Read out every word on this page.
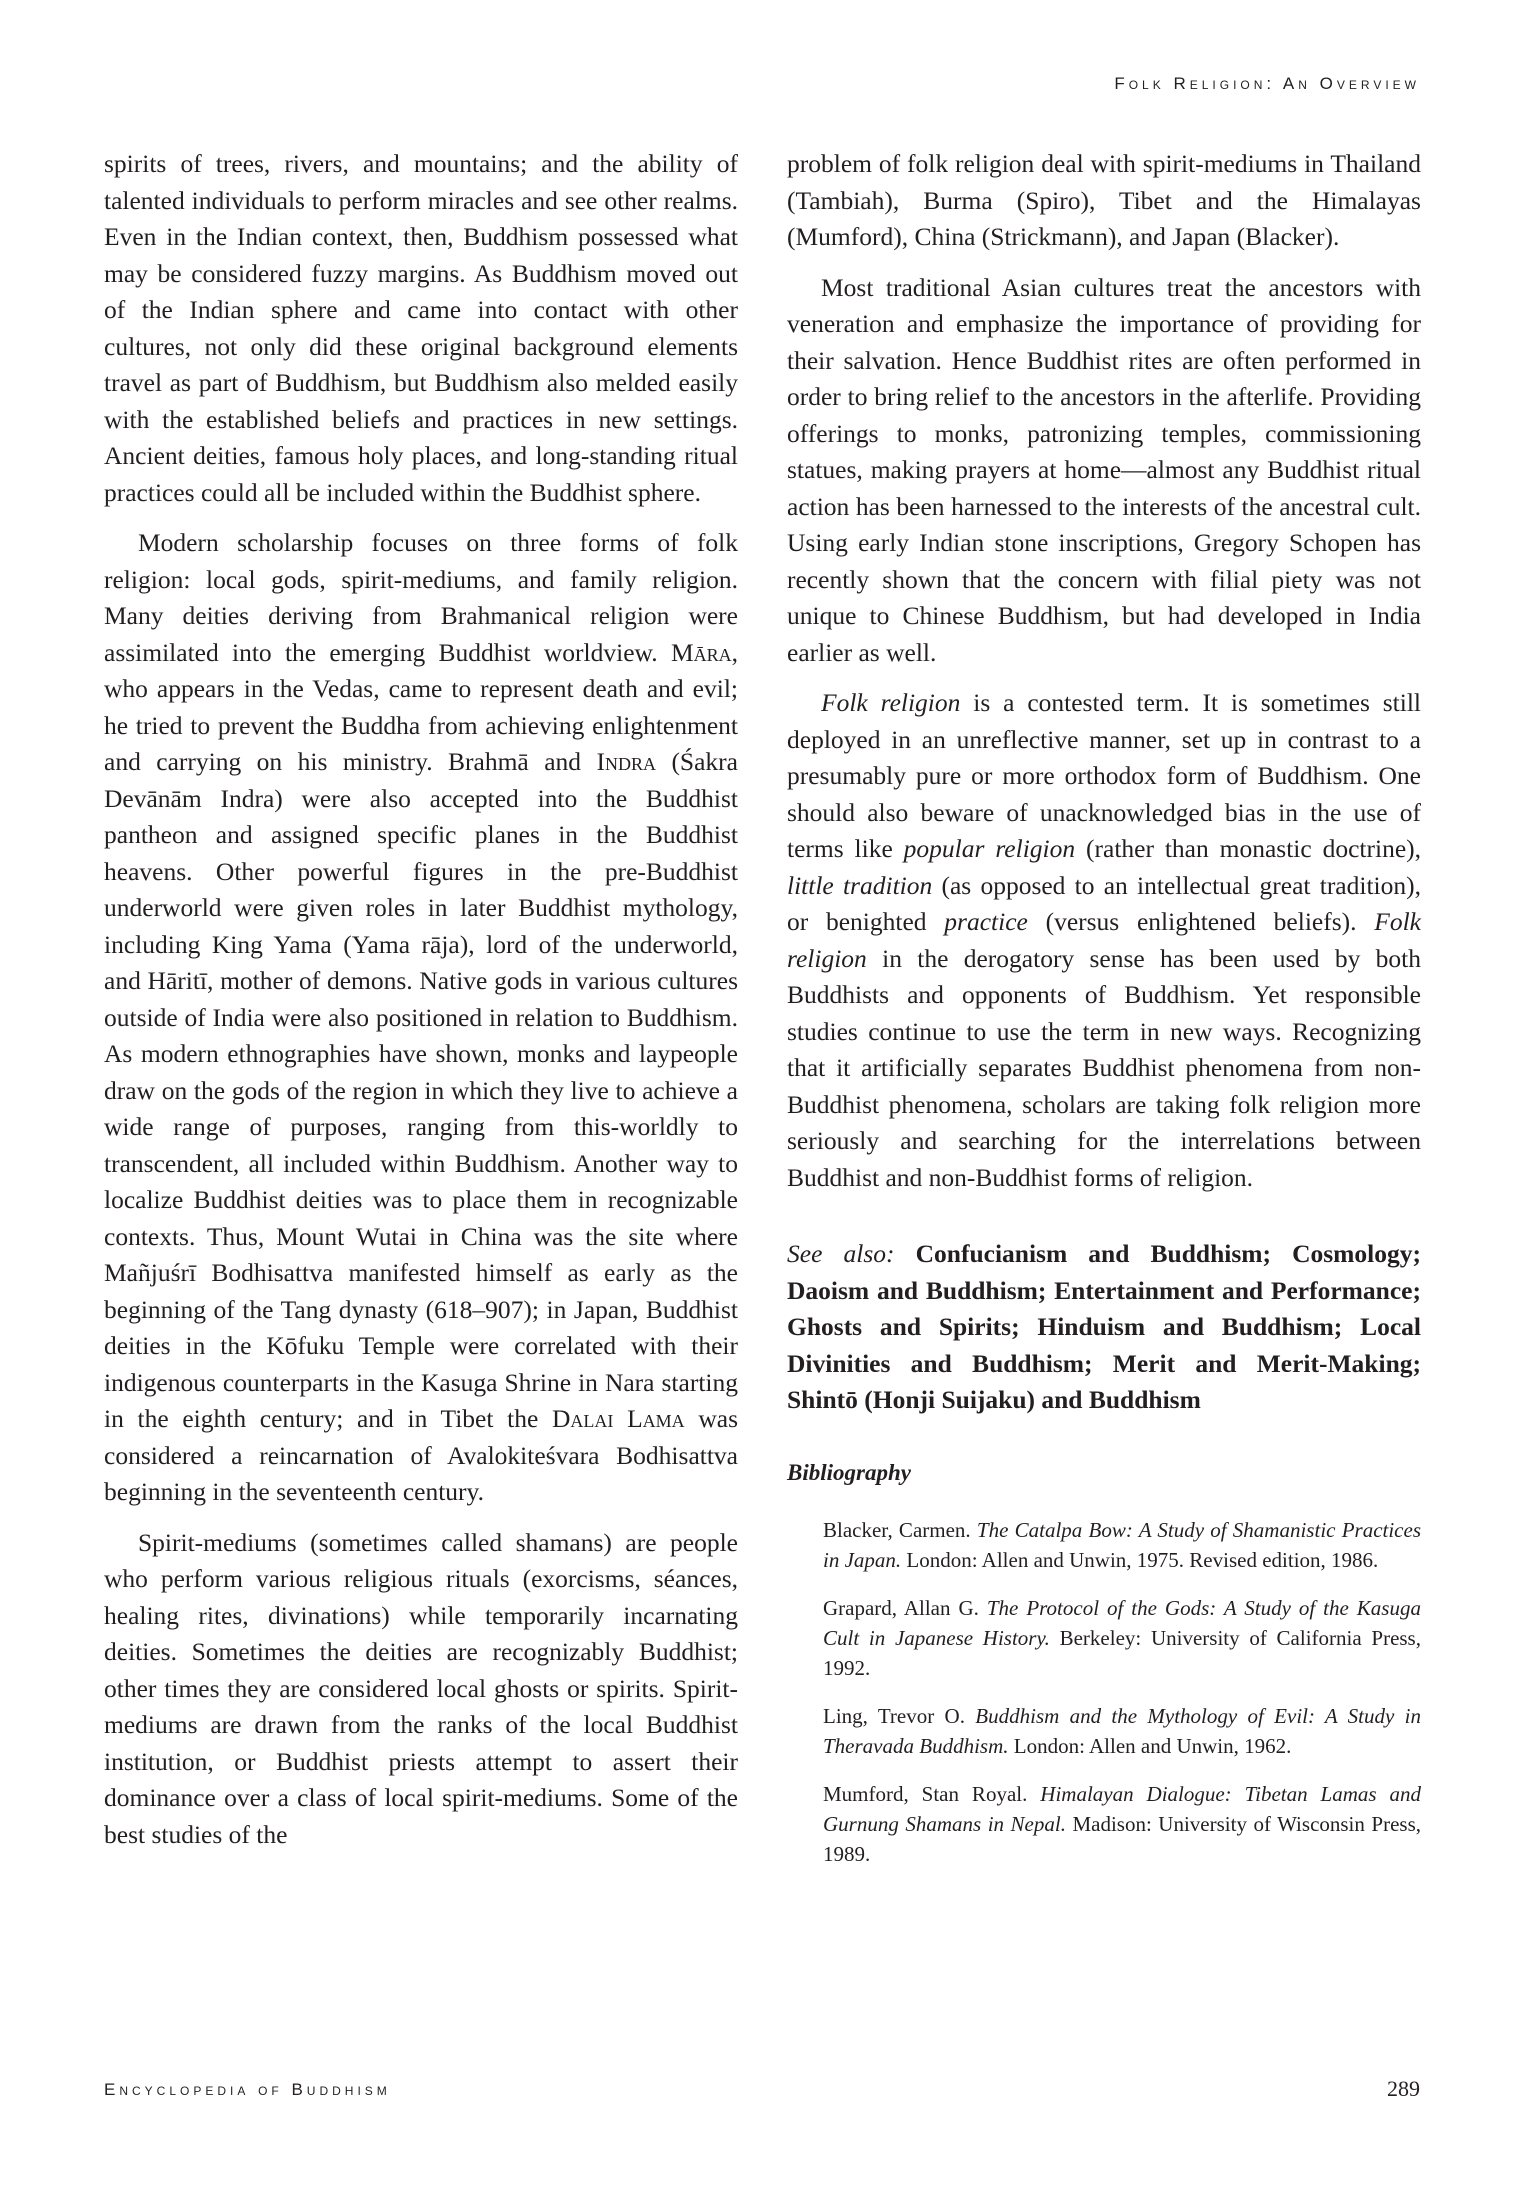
Folk Religion: An Overview

spirits of trees, rivers, and mountains; and the ability of talented individuals to perform miracles and see other realms. Even in the Indian context, then, Buddhism possessed what may be considered fuzzy margins. As Buddhism moved out of the Indian sphere and came into contact with other cultures, not only did these original background elements travel as part of Buddhism, but Buddhism also melded easily with the established beliefs and practices in new settings. Ancient deities, famous holy places, and long-standing ritual practices could all be included within the Buddhist sphere.

Modern scholarship focuses on three forms of folk religion: local gods, spirit-mediums, and family religion. Many deities deriving from Brahmanical religion were assimilated into the emerging Buddhist worldview. Māra, who appears in the Vedas, came to represent death and evil; he tried to prevent the Buddha from achieving enlightenment and carrying on his ministry. Brahmā and Indra (Śakra Devānām Indra) were also accepted into the Buddhist pantheon and assigned specific planes in the Buddhist heavens. Other powerful figures in the pre-Buddhist underworld were given roles in later Buddhist mythology, including King Yama (Yama rāja), lord of the underworld, and Hāritī, mother of demons. Native gods in various cultures outside of India were also positioned in relation to Buddhism. As modern ethnographies have shown, monks and laypeople draw on the gods of the region in which they live to achieve a wide range of purposes, ranging from this-worldly to transcendent, all included within Buddhism. Another way to localize Buddhist deities was to place them in recognizable contexts. Thus, Mount Wutai in China was the site where Mañjuśrī Bodhisattva manifested himself as early as the beginning of the Tang dynasty (618–907); in Japan, Buddhist deities in the Kōfuku Temple were correlated with their indigenous counterparts in the Kasuga Shrine in Nara starting in the eighth century; and in Tibet the Dalai Lama was considered a reincarnation of Avalokiteśvara Bodhisattva beginning in the seventeenth century.

Spirit-mediums (sometimes called shamans) are people who perform various religious rituals (exorcisms, séances, healing rites, divinations) while temporarily incarnating deities. Sometimes the deities are recognizably Buddhist; other times they are considered local ghosts or spirits. Spirit-mediums are drawn from the ranks of the local Buddhist institution, or Buddhist priests attempt to assert their dominance over a class of local spirit-mediums. Some of the best studies of the

problem of folk religion deal with spirit-mediums in Thailand (Tambiah), Burma (Spiro), Tibet and the Himalayas (Mumford), China (Strickmann), and Japan (Blacker).

Most traditional Asian cultures treat the ancestors with veneration and emphasize the importance of providing for their salvation. Hence Buddhist rites are often performed in order to bring relief to the ancestors in the afterlife. Providing offerings to monks, patronizing temples, commissioning statues, making prayers at home—almost any Buddhist ritual action has been harnessed to the interests of the ancestral cult. Using early Indian stone inscriptions, Gregory Schopen has recently shown that the concern with filial piety was not unique to Chinese Buddhism, but had developed in India earlier as well.

Folk religion is a contested term. It is sometimes still deployed in an unreflective manner, set up in contrast to a presumably pure or more orthodox form of Buddhism. One should also beware of unacknowledged bias in the use of terms like popular religion (rather than monastic doctrine), little tradition (as opposed to an intellectual great tradition), or benighted practice (versus enlightened beliefs). Folk religion in the derogatory sense has been used by both Buddhists and opponents of Buddhism. Yet responsible studies continue to use the term in new ways. Recognizing that it artificially separates Buddhist phenomena from non-Buddhist phenomena, scholars are taking folk religion more seriously and searching for the interrelations between Buddhist and non-Buddhist forms of religion.

See also: Confucianism and Buddhism; Cosmology; Daoism and Buddhism; Entertainment and Performance; Ghosts and Spirits; Hinduism and Buddhism; Local Divinities and Buddhism; Merit and Merit-Making; Shintō (Honji Suijaku) and Buddhism

Bibliography

Blacker, Carmen. The Catalpa Bow: A Study of Shamanistic Practices in Japan. London: Allen and Unwin, 1975. Revised edition, 1986.

Grapard, Allan G. The Protocol of the Gods: A Study of the Kasuga Cult in Japanese History. Berkeley: University of California Press, 1992.

Ling, Trevor O. Buddhism and the Mythology of Evil: A Study in Theravada Buddhism. London: Allen and Unwin, 1962.

Mumford, Stan Royal. Himalayan Dialogue: Tibetan Lamas and Gurnung Shamans in Nepal. Madison: University of Wisconsin Press, 1989.

Encyclopedia of Buddhism	289
